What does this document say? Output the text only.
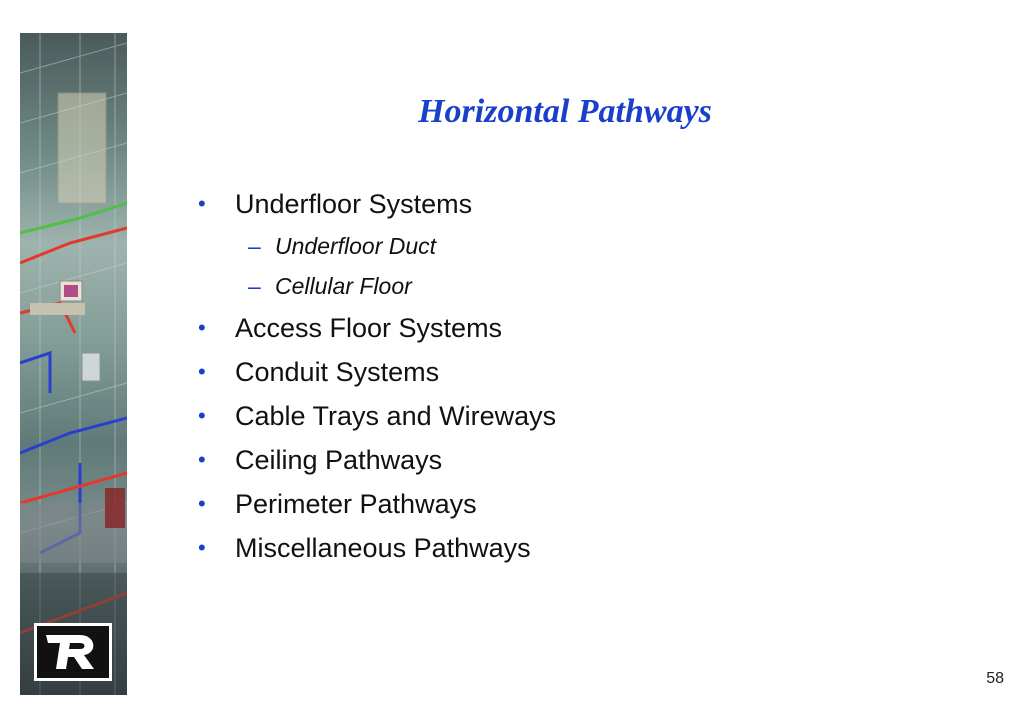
Horizontal Pathways
• Underfloor Systems
– Underfloor Duct
– Cellular Floor
• Access Floor Systems
• Conduit Systems
• Cable Trays and Wireways
• Ceiling Pathways
• Perimeter Pathways
• Miscellaneous Pathways
58
